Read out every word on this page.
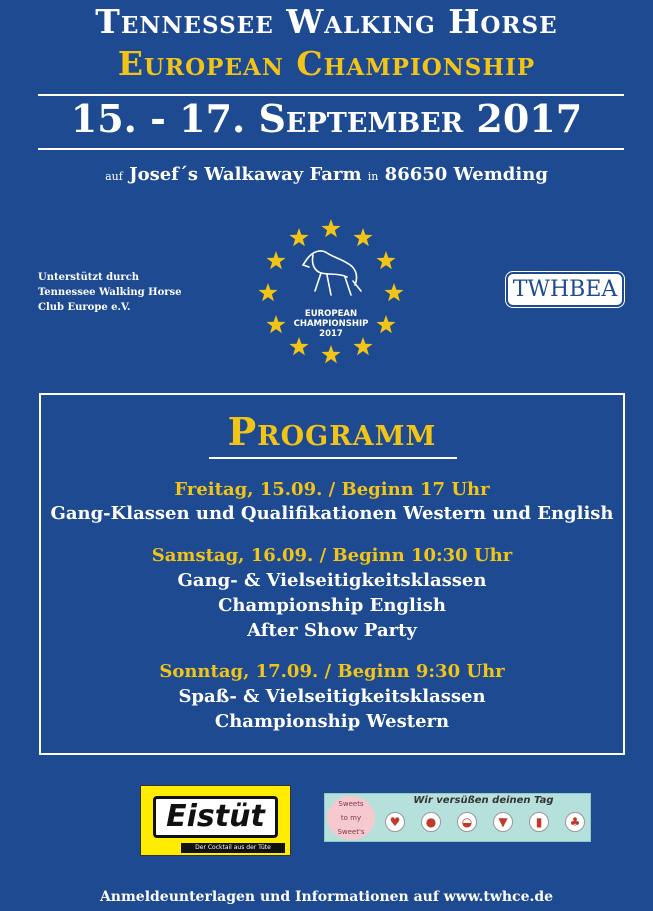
Tennessee Walking Horse
European Championship
15. - 17. September 2017
auf Josef´s Walkaway Farm in 86650 Wemding
Unterstützt durch
Tennessee Walking Horse
Club Europe e.V.
EUROPEAN
CHAMPIONSHIP
2017
TWHBEA
Programm
Freitag, 15.09. / Beginn 17 Uhr
Gang-Klassen und Qualifikationen Western und English
Samstag, 16.09. / Beginn 10:30 Uhr
Gang- & Vielseitigkeitsklassen
Championship English
After Show Party
Sonntag, 17.09. / Beginn 9:30 Uhr
Spaß- & Vielseitigkeitsklassen
Championship Western
Eistüt
Der Cocktail aus der Tüte
Sweets
to my
Sweet's
Wir versüßen deinen Tag
♥	●	◒	▼	▮	♣
Anmeldeunterlagen und Informationen auf www.twhce.de
